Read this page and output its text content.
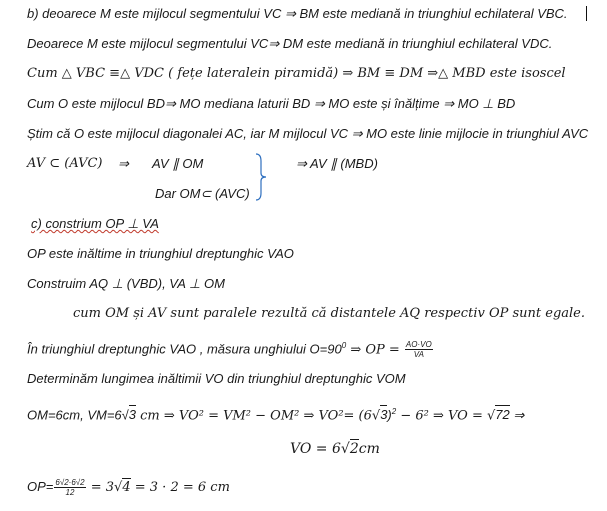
b) deoarece M este mijlocul segmentului VC ⇒ BM este mediană in triunghiul echilateral VBC.
Deoarece M este mijlocul segmentului VC⇒ DM este mediană in triunghiul echilateral VDC.
Cum △ VBC ≡△ VDC ( fețe lateralein piramidă) ⇒ BM ≡ DM ⇒△ MBD este isoscel
Cum O este mijlocul BD⇒ MO mediana laturii BD ⇒ MO este și înălțime ⇒ MO ⊥ BD
Știm că O este mijlocul diagonalei AC, iar M mijlocul VC ⇒ MO este linie mijlocie in triunghiul AVC
AV ⊂ (AVC) ⇒ AV ∥ OM	⇒ AV ∥ (MBD)
Dar OM⊂ (AVC)
c) constrium OP ⊥ VA
OP este inăltime in triunghiul dreptunghic VAO
Construim AQ ⊥ (VBD), VA ⊥ OM
cum OM și AV sunt paralele rezultă că distantele AQ respectiv OP sunt egale.
În triunghiul dreptunghic VAO , măsura unghiului $O=90^0$ ⇒ OP = $\frac{AO\cdot VO}{VA}$
Determinăm lungimea inăltimii VO din triunghiul dreptunghic VOM
OM=6cm, VM=6√3 cm ⇒ VO² = VM² − OM² ⇒ $VO^2= (6√3)^2 - 6^2$ ⇒ VO = √72 ⇒
VO = 6√2cm
$OP= \frac{6√2\cdot 6√2}{12} = 3√4 = 3 \cdot 2 = 6$ cm
